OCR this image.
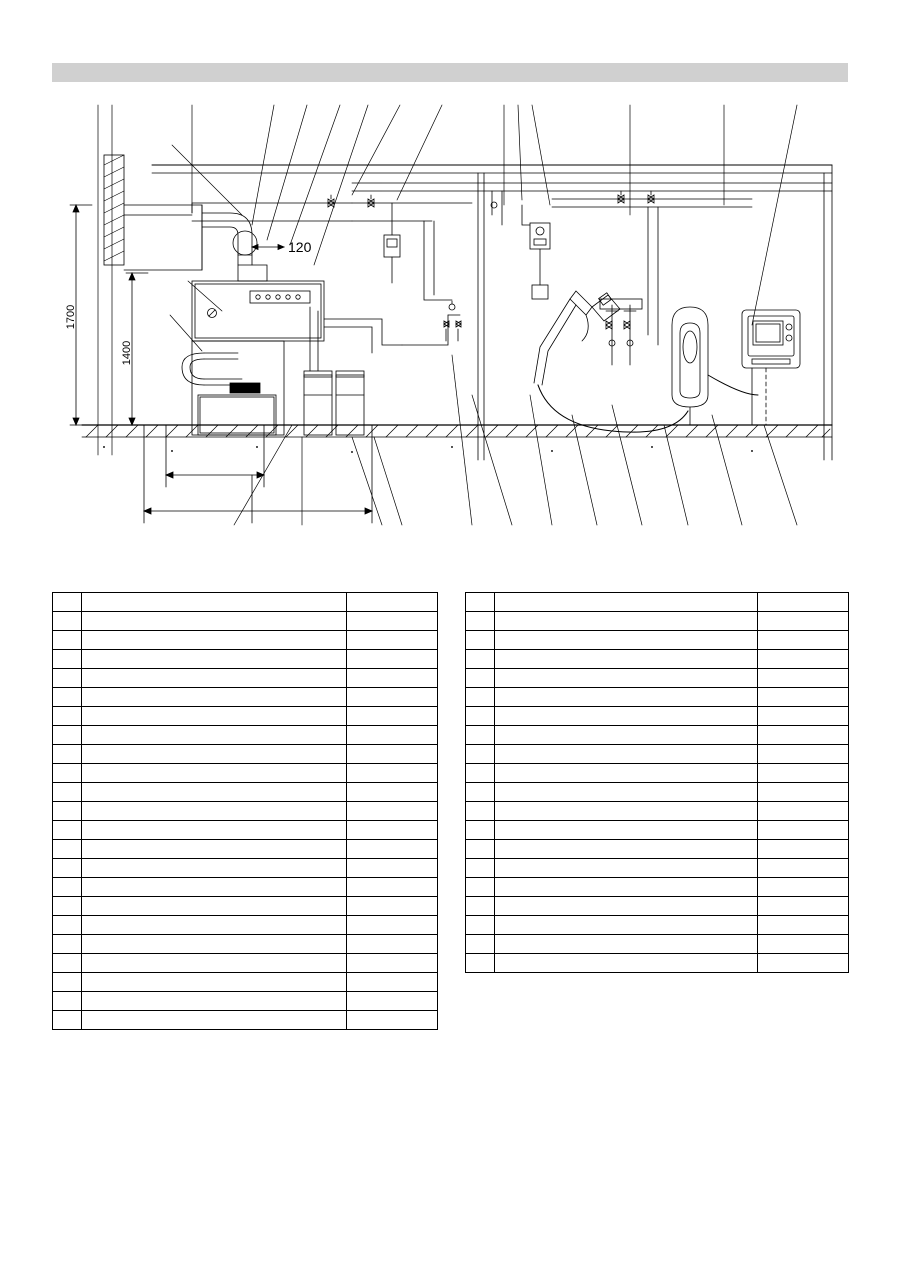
1700
1400
120
